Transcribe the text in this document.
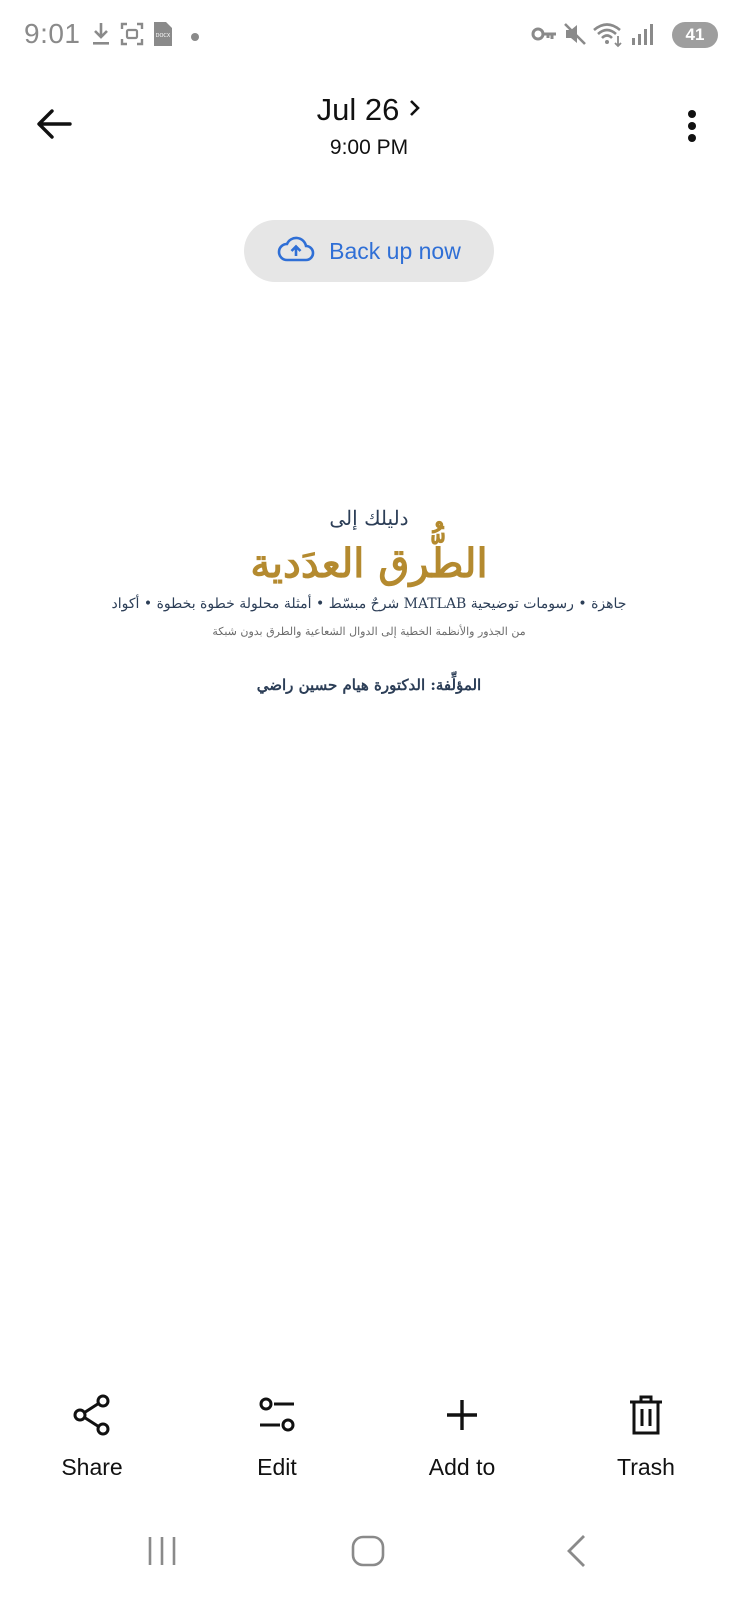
9:01	DOCX	41
Jul 26
9:00 PM
Back up now
دليلك إلى
الطُّرق العدَدية
جاهزة • رسومات توضيحية MATLAB شرحٌ مبسّط • أمثلة محلولة خطوة بخطوة • أكواد
من الجذور والأنظمة الخطية إلى الدوال الشعاعية والطرق بدون شبكة
المؤلِّفة: الدكتورة هيام حسين راضي
Share	Edit	Add to	Trash
